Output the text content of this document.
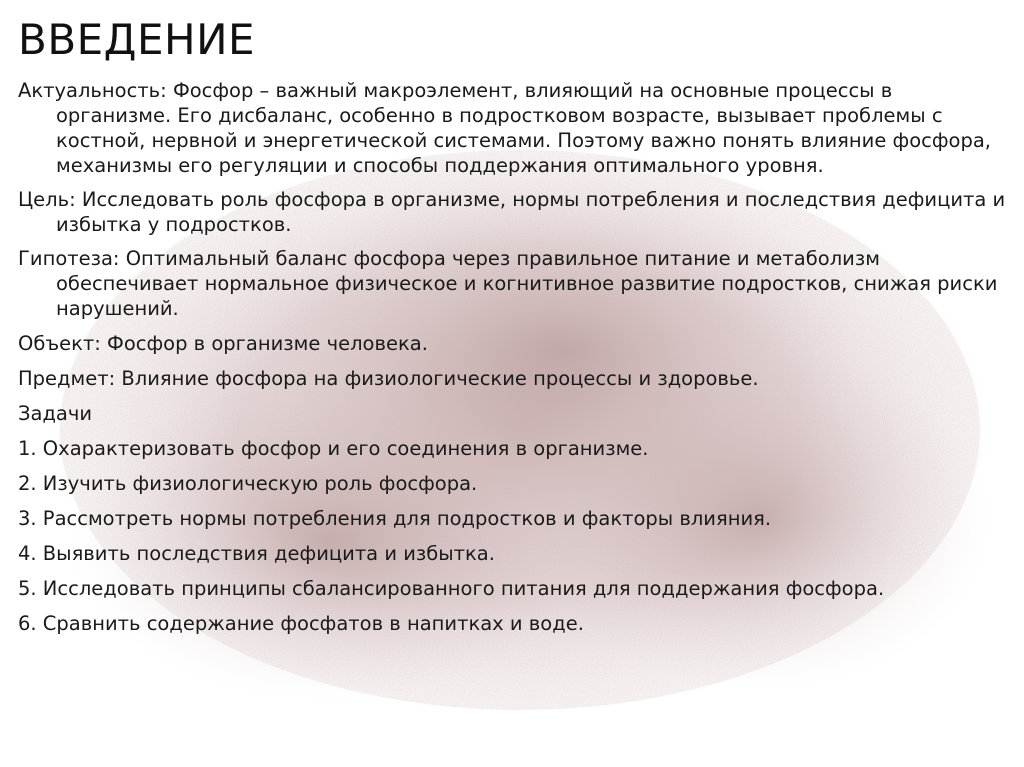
ВВЕДЕНИЕ

Актуальность: Фосфор – важный макроэлемент, влияющий на основные процессы в организме. Его дисбаланс, особенно в подростковом возрасте, вызывает проблемы с костной, нервной и энергетической системами. Поэтому важно понять влияние фосфора, механизмы его регуляции и способы поддержания оптимального уровня.

Цель: Исследовать роль фосфора в организме, нормы потребления и последствия дефицита и избытка у подростков.

Гипотеза: Оптимальный баланс фосфора через правильное питание и метаболизм обеспечивает нормальное физическое и когнитивное развитие подростков, снижая риски нарушений.

Объект: Фосфор в организме человека.

Предмет: Влияние фосфора на физиологические процессы и здоровье.

Задачи

1. Охарактеризовать фосфор и его соединения в организме.

2. Изучить физиологическую роль фосфора.

3. Рассмотреть нормы потребления для подростков и факторы влияния.

4. Выявить последствия дефицита и избытка.

5. Исследовать принципы сбалансированного питания для поддержания фосфора.

6. Сравнить содержание фосфатов в напитках и воде.
